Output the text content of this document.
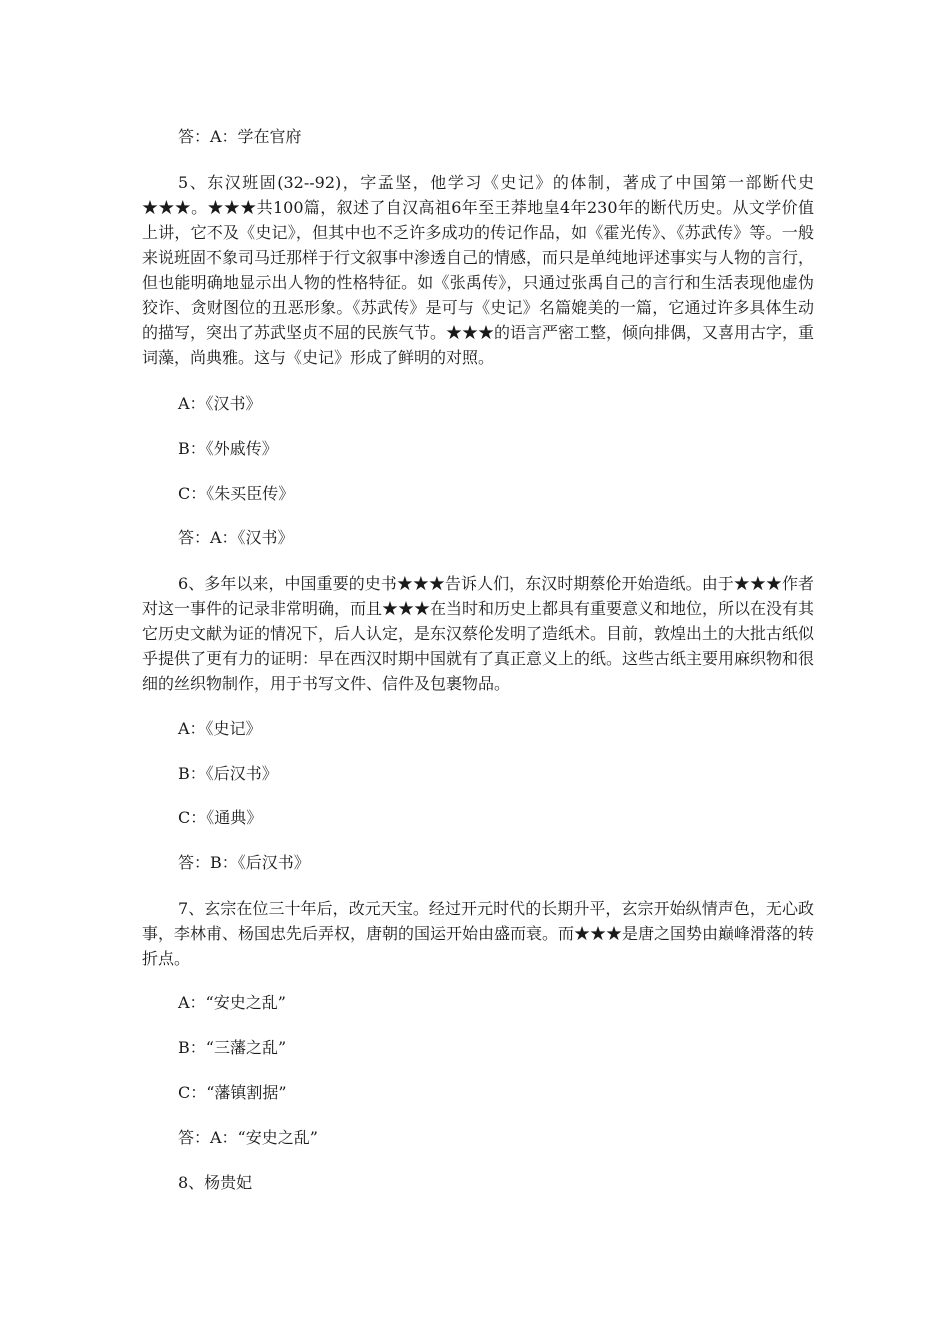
答：A：学在官府

5、东汉班固(32--92)，字孟坚，他学习《史记》的体制，著成了中国第一部断代史★★★。★★★共100篇，叙述了自汉高祖6年至王莽地皇4年230年的断代历史。从文学价值上讲，它不及《史记》，但其中也不乏许多成功的传记作品，如《霍光传》、《苏武传》等。一般来说班固不象司马迁那样于行文叙事中渗透自己的情感，而只是单纯地评述事实与人物的言行，但也能明确地显示出人物的性格特征。如《张禹传》，只通过张禹自己的言行和生活表现他虚伪狡诈、贪财图位的丑恶形象。《苏武传》是可与《史记》名篇媲美的一篇，它通过许多具体生动的描写，突出了苏武坚贞不屈的民族气节。★★★的语言严密工整，倾向排偶，又喜用古字，重词藻，尚典雅。这与《史记》形成了鲜明的对照。

A：《汉书》
B：《外戚传》
C：《朱买臣传》
答：A：《汉书》

6、多年以来，中国重要的史书★★★告诉人们，东汉时期蔡伦开始造纸。由于★★★作者对这一事件的记录非常明确，而且★★★在当时和历史上都具有重要意义和地位，所以在没有其它历史文献为证的情况下，后人认定，是东汉蔡伦发明了造纸术。目前，敦煌出土的大批古纸似乎提供了更有力的证明：早在西汉时期中国就有了真正意义上的纸。这些古纸主要用麻织物和很细的丝织物制作，用于书写文件、信件及包裹物品。

A：《史记》
B：《后汉书》
C：《通典》
答：B：《后汉书》

7、玄宗在位三十年后，改元天宝。经过开元时代的长期升平，玄宗开始纵情声色，无心政事，李林甫、杨国忠先后弄权，唐朝的国运开始由盛而衰。而★★★是唐之国势由巅峰滑落的转折点。

A：“安史之乱”
B：“三藩之乱”
C：“藩镇割据”
答：A：“安史之乱”
8、杨贵妃
